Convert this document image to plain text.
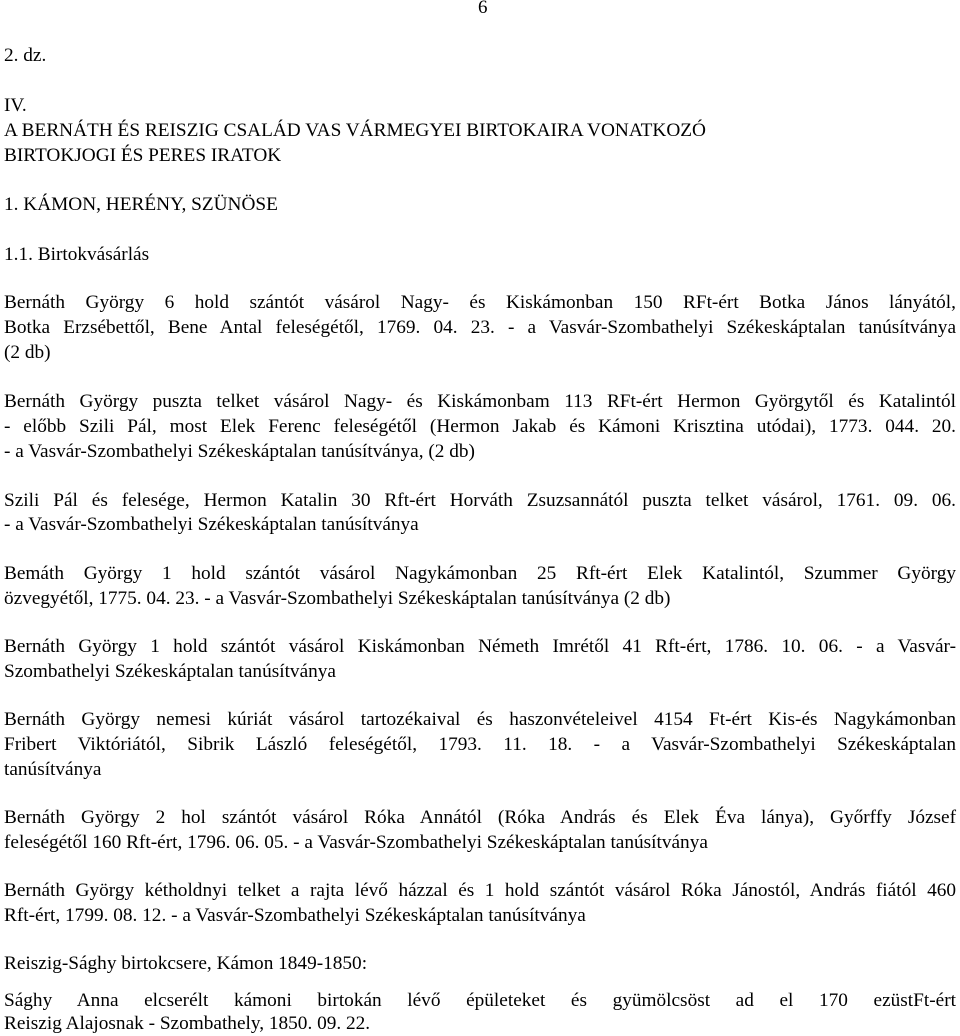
6
2. dz.
IV.
A BERNÁTH ÉS REISZIG CSALÁD VAS VÁRMEGYEI BIRTOKAIRA VONATKOZÓ
BIRTOKJOGI ÉS PERES IRATOK
1. KÁMON, HERÉNY, SZÜNÖSE
1.1. Birtokvásárlás
Bernáth György 6 hold szántót vásárol Nagy- és Kiskámonban 150 RFt-ért Botka János lányától,
Botka Erzsébettől, Bene Antal feleségétől, 1769. 04. 23. - a Vasvár-Szombathelyi Székeskáptalan tanúsítványa
(2 db)
Bernáth György puszta telket vásárol Nagy- és Kiskámonbam 113 RFt-ért Hermon Györgytől és Katalintól
- előbb Szili Pál, most Elek Ferenc feleségétől (Hermon Jakab és Kámoni Krisztina utódai), 1773. 044. 20.
- a Vasvár-Szombathelyi Székeskáptalan tanúsítványa, (2 db)
Szili Pál és felesége, Hermon Katalin 30 Rft-ért Horváth Zsuzsannától puszta telket vásárol, 1761. 09. 06.
- a Vasvár-Szombathelyi Székeskáptalan tanúsítványa
Bemáth György 1 hold szántót vásárol Nagykámonban 25 Rft-ért Elek Katalintól, Szummer György
özvegyétől, 1775. 04. 23. - a Vasvár-Szombathelyi Székeskáptalan tanúsítványa (2 db)
Bernáth György 1 hold szántót vásárol Kiskámonban Németh Imrétől 41 Rft-ért, 1786. 10. 06. - a Vasvár-
Szombathelyi Székeskáptalan tanúsítványa
Bernáth György nemesi kúriát vásárol tartozékaival és haszonvételeivel 4154 Ft-ért Kis-és Nagykámonban
Fribert Viktóriától, Sibrik László feleségétől, 1793. 11. 18. - a Vasvár-Szombathelyi Székeskáptalan
tanúsítványa
Bernáth György 2 hol szántót vásárol Róka Annától (Róka András és Elek Éva lánya), Győrffy József
feleségétől 160 Rft-ért, 1796. 06. 05. - a Vasvár-Szombathelyi Székeskáptalan tanúsítványa
Bernáth György kétholdnyi telket a rajta lévő házzal és 1 hold szántót vásárol Róka Jánostól, András fiától 460
Rft-ért, 1799. 08. 12. - a Vasvár-Szombathelyi Székeskáptalan tanúsítványa
Reiszig-Sághy birtokcsere, Kámon 1849-1850:
Sághy Anna elcserélt kámoni birtokán lévő épületeket és gyümölcsöst ad el 170 ezüstFt-ért
Reiszig Alajosnak - Szombathely, 1850. 09. 22.
